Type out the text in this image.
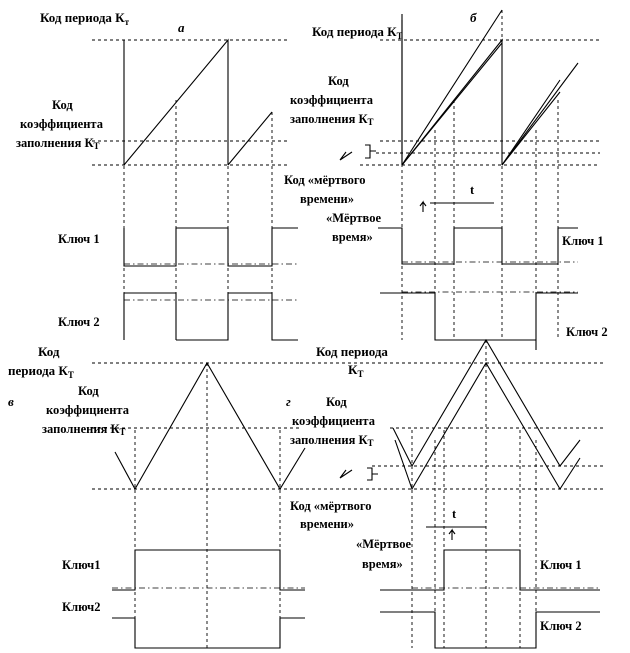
Код периода $К_т$	а
Код
коэффициента
заполнения КТ
Ключ 1
Ключ 2
б
Код периода $К_Т$
Код
коэффициента
заполнения КТ
Код «мёртвого
времени»
«Мёртвое
время»
t
Ключ 1
Ключ 2
Код
периода $К_Т$
в
Код
коэффициента
заполнения КТ
Ключ1
Ключ2
Код периода
$К_Т$
г	Код
коэффициента
заполнения КТ
Код «мёртвого
времени»
«Мёртвое
время»
t
Ключ 1
Ключ 2
